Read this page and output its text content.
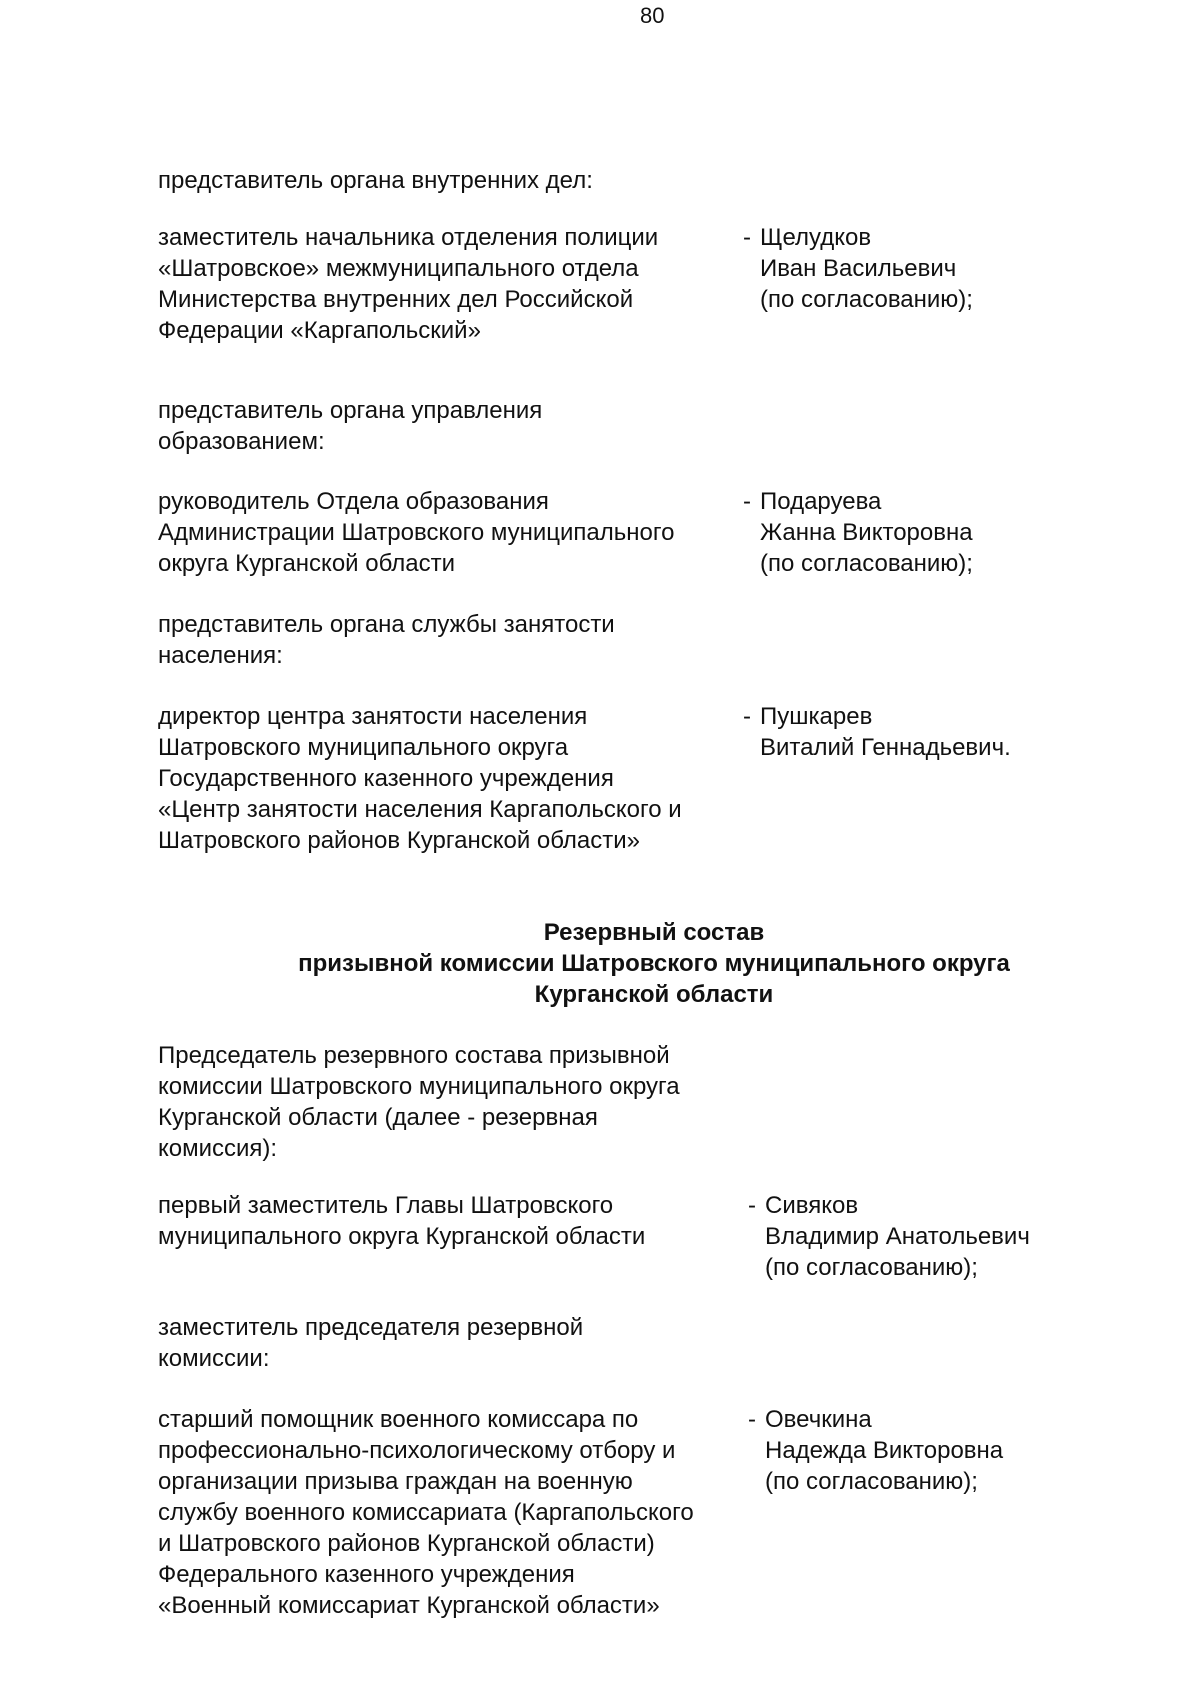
80
представитель органа внутренних дел:
заместитель начальника отделения полиции
«Шатровское» межмуниципального отдела
Министерства внутренних дел Российской
Федерации «Каргапольский»
- Щелудков
Иван Васильевич
(по согласованию);
представитель органа управления
образованием:
руководитель Отдела образования
Администрации Шатровского муниципального
округа Курганской области
- Подаруева
Жанна Викторовна
(по согласованию);
представитель органа службы занятости
населения:
директор центра занятости населения
Шатровского муниципального округа
Государственного казенного учреждения
«Центр занятости населения Каргапольского и
Шатровского районов Курганской области»
- Пушкарев
Виталий Геннадьевич.
Резервный состав
призывной комиссии Шатровского муниципального округа
Курганской области
Председатель резервного состава призывной
комиссии Шатровского муниципального округа
Курганской области (далее - резервная
комиссия):
первый заместитель Главы Шатровского
муниципального округа Курганской области
- Сивяков
Владимир Анатольевич
(по согласованию);
заместитель председателя резервной
комиссии:
старший помощник военного комиссара по
профессионально-психологическому отбору и
организации призыва граждан на военную
службу военного комиссариата (Каргапольского
и Шатровского районов Курганской области)
Федерального казенного учреждения
«Военный комиссариат Курганской области»
- Овечкина
Надежда Викторовна
(по согласованию);
